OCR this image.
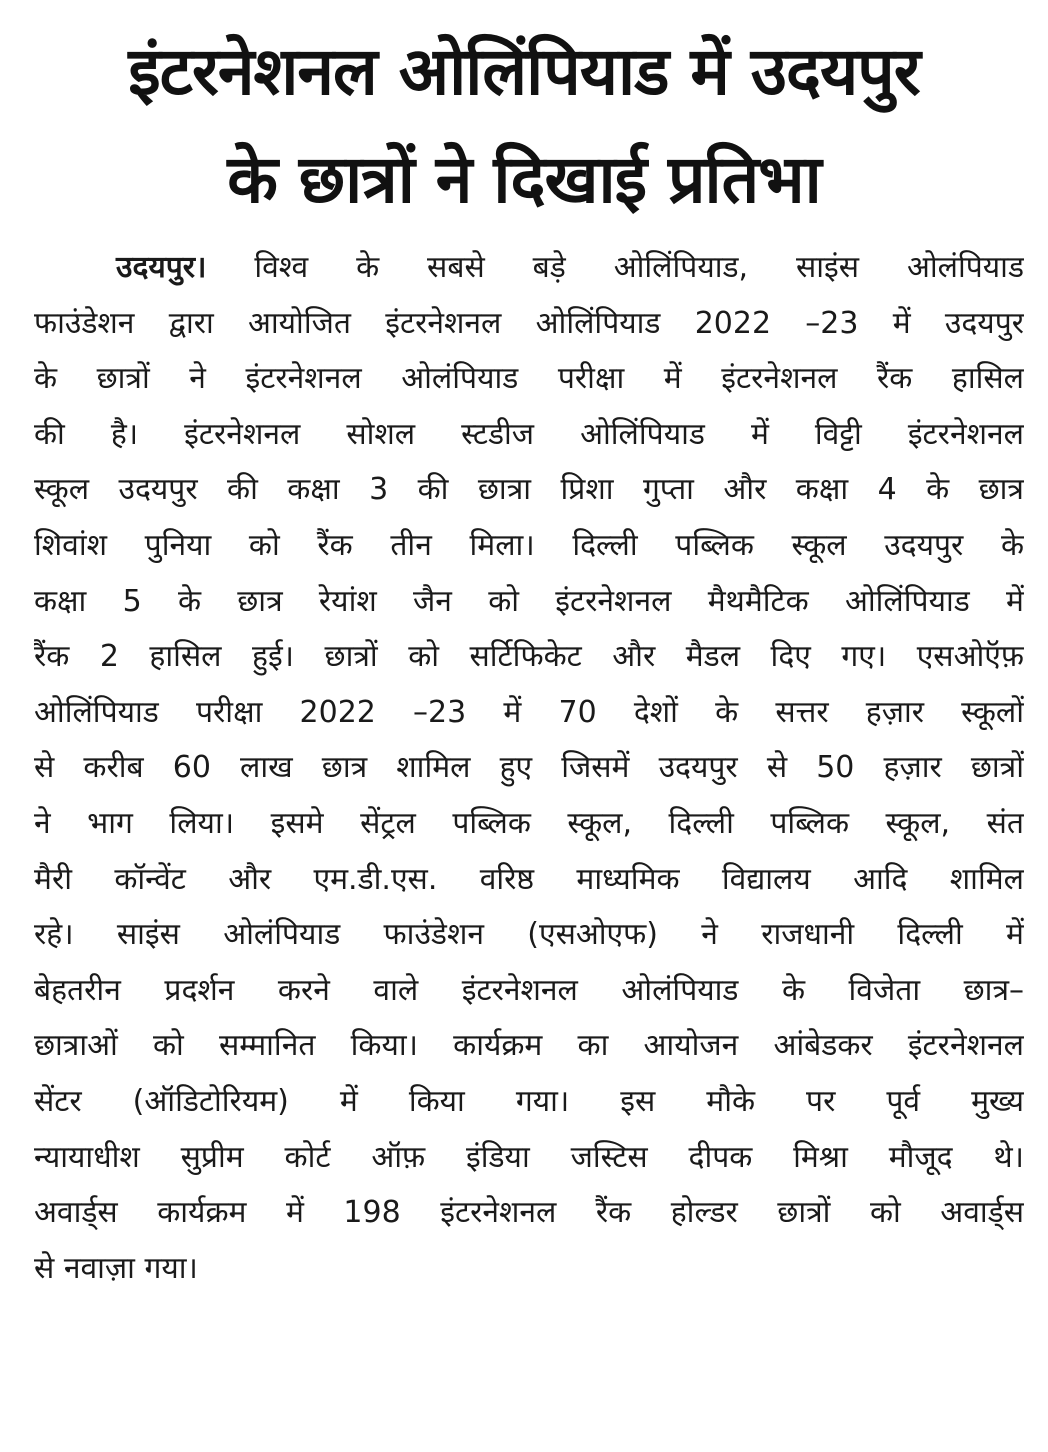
इंटरनेशनल ओलिंपियाड में उदयपुर
के छात्रों ने दिखाई प्रतिभा
उदयपुर। विश्व के सबसे बड़े ओलिंपियाड, साइंस ओलंपियाड
फाउंडेशन द्वारा आयोजित इंटरनेशनल ओलिंपियाड 2022 –23 में उदयपुर
के छात्रों ने इंटरनेशनल ओलंपियाड परीक्षा में इंटरनेशनल रैंक हासिल
की है। इंटरनेशनल सोशल स्टडीज ओलिंपियाड में विट्टी इंटरनेशनल
स्कूल उदयपुर की कक्षा 3 की छात्रा प्रिशा गुप्ता और कक्षा 4 के छात्र
शिवांश पुनिया को रैंक तीन मिला। दिल्ली पब्लिक स्कूल उदयपुर के
कक्षा 5 के छात्र रेयांश जैन को इंटरनेशनल मैथमैटिक ओलिंपियाड में
रैंक 2 हासिल हुई। छात्रों को सर्टिफिकेट और मैडल दिए गए। एसओऍफ़
ओलिंपियाड परीक्षा 2022 –23 में 70 देशों के सत्तर हज़ार स्कूलों
से करीब 60 लाख छात्र शामिल हुए जिसमें उदयपुर से 50 हज़ार छात्रों
ने भाग लिया। इसमे सेंट्रल पब्लिक स्कूल, दिल्ली पब्लिक स्कूल, संत
मैरी कॉन्वेंट और एम.डी.एस. वरिष्ठ माध्यमिक विद्यालय आदि शामिल
रहे। साइंस ओलंपियाड फाउंडेशन (एसओएफ) ने राजधानी दिल्ली में
बेहतरीन प्रदर्शन करने वाले इंटरनेशनल ओलंपियाड के विजेता छात्र–
छात्राओं को सम्मानित किया। कार्यक्रम का आयोजन आंबेडकर इंटरनेशनल
सेंटर (ऑडिटोरियम) में किया गया। इस मौके पर पूर्व मुख्य
न्यायाधीश सुप्रीम कोर्ट ऑफ़ इंडिया जस्टिस दीपक मिश्रा मौजूद थे।
अवार्ड्स कार्यक्रम में 198 इंटरनेशनल रैंक होल्डर छात्रों को अवार्ड्स
से नवाज़ा गया।
